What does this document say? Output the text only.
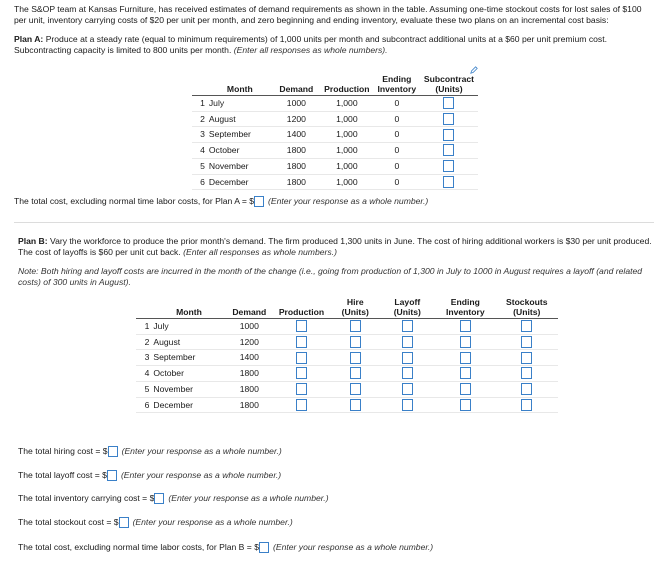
The S&OP team at Kansas Furniture, has received estimates of demand requirements as shown in the table. Assuming one-time stockout costs for lost sales of $100 per unit, inventory carrying costs of $20 per unit per month, and zero beginning and ending inventory, evaluate these two plans on an incremental cost basis:

Plan A: Produce at a steady rate (equal to minimum requirements) of 1,000 units per month and subcontract additional units at a $60 per unit premium cost. Subcontracting capacity is limited to 800 units per month. (Enter all responses as whole numbers).

	Month	Demand	Production	Ending
Inventory	Subcontract
(Units)
1	July	1000	1,000	0	

2	August	1200	1,000	0	

3	September	1400	1,000	0	

4	October	1800	1,000	0	

5	November	1800	1,000	0	

6	December	1800	1,000	0	
The total cost, excluding normal time labor costs, for Plan A = $ (Enter your response as a whole number.)

Plan B: Vary the workforce to produce the prior month's demand. The firm produced 1,300 units in June. The cost of hiring additional workers is $30 per unit produced. The cost of layoffs is $60 per unit cut back. (Enter all responses as whole numbers.)

Note: Both hiring and layoff costs are incurred in the month of the change (i.e., going from production of 1,300 in July to 1000 in August requires a layoff (and related costs) of 300 units in August).

	Month	Demand	Production	Hire
(Units)	Layoff
(Units)	Ending
Inventory	Stockouts
(Units)
1	July	1000	

2	August	1200	

3	September	1400	

4	October	1800	

5	November	1800	

6	December	1800	

The total hiring cost = $ (Enter your response as a whole number.)
The total layoff cost = $ (Enter your response as a whole number.)
The total inventory carrying cost = $ (Enter your response as a whole number.)
The total stockout cost = $ (Enter your response as a whole number.)
The total cost, excluding normal time labor costs, for Plan B = $ (Enter your response as a whole number.)
